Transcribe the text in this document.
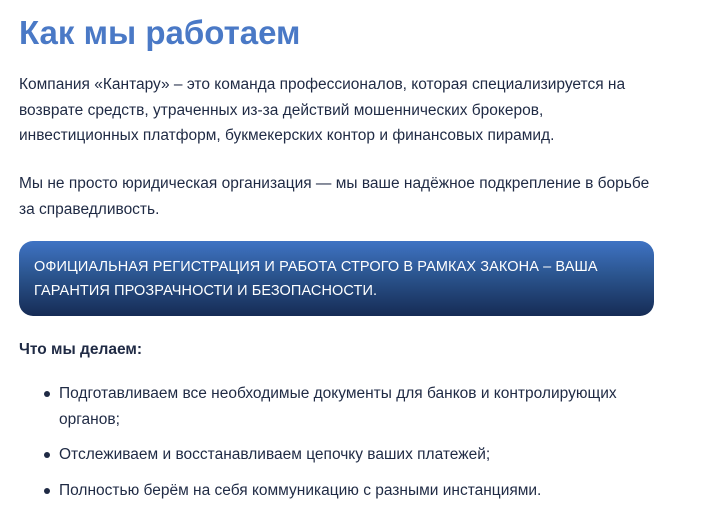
Как мы работаем

Компания «Кантару» – это команда профессионалов, которая специализируется на возврате средств, утраченных из-за действий мошеннических брокеров, инвестиционных платформ, букмекерских контор и финансовых пирамид.

Мы не просто юридическая организация — мы ваше надёжное подкрепление в борьбе за справедливость.

ОФИЦИАЛЬНАЯ РЕГИСТРАЦИЯ И РАБОТА СТРОГО В РАМКАХ ЗАКОНА – ВАША ГАРАНТИЯ ПРОЗРАЧНОСТИ И БЕЗОПАСНОСТИ.
Что мы делаем:
Подготавливаем все необходимые документы для банков и контролирующих органов;
Отслеживаем и восстанавливаем цепочку ваших платежей;
Полностью берём на себя коммуникацию с разными инстанциями.
